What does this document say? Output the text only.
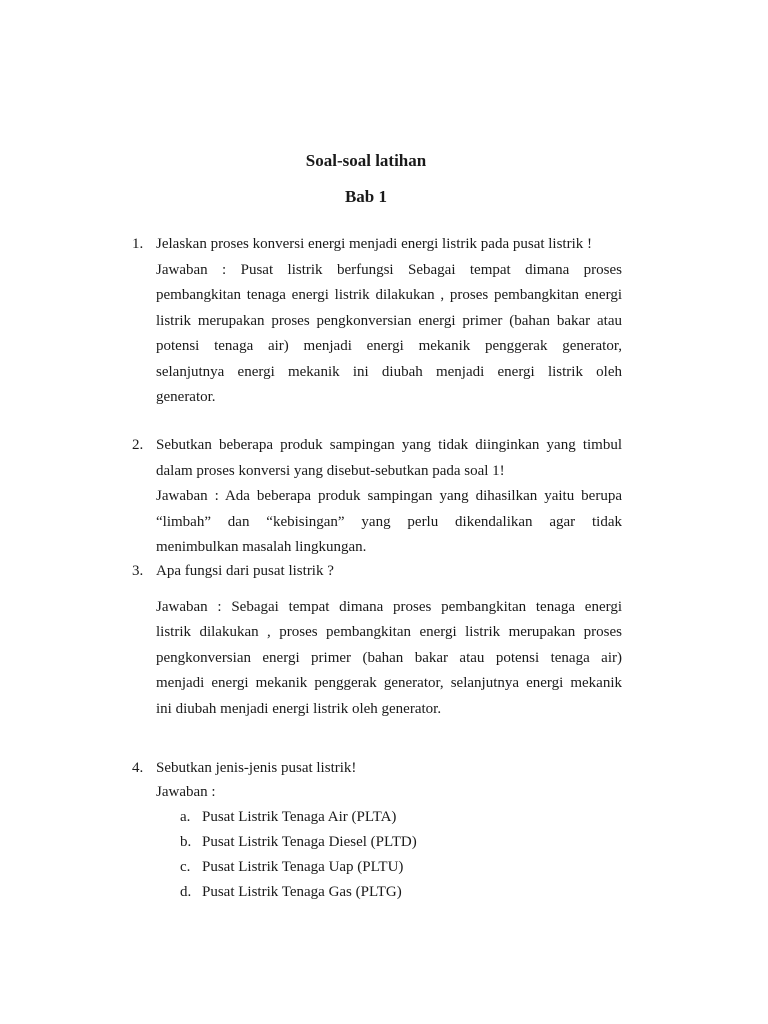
Soal-soal latihan
Bab 1
1. Jelaskan proses konversi energi menjadi energi listrik pada pusat listrik !
Jawaban : Pusat listrik berfungsi Sebagai tempat dimana proses
pembangkitan tenaga energi listrik dilakukan , proses pembangkitan energi
listrik merupakan proses pengkonversian energi primer (bahan bakar atau
potensi tenaga air) menjadi energi mekanik penggerak generator,
selanjutnya energi mekanik ini diubah menjadi energi listrik oleh
generator.
2. Sebutkan beberapa produk sampingan yang tidak diinginkan yang timbul
dalam proses konversi yang disebut-sebutkan pada soal 1!
Jawaban : Ada beberapa produk sampingan yang dihasilkan yaitu berupa
“limbah” dan “kebisingan” yang perlu dikendalikan agar tidak
menimbulkan masalah lingkungan.
3. Apa fungsi dari pusat listrik ?
Jawaban : Sebagai tempat dimana proses pembangkitan tenaga energi
listrik dilakukan , proses pembangkitan energi listrik merupakan proses
pengkonversian energi primer (bahan bakar atau potensi tenaga air)
menjadi energi mekanik penggerak generator, selanjutnya energi mekanik
ini diubah menjadi energi listrik oleh generator.
4. Sebutkan jenis-jenis pusat listrik!
Jawaban :
a. Pusat Listrik Tenaga Air (PLTA)
b. Pusat Listrik Tenaga Diesel (PLTD)
c. Pusat Listrik Tenaga Uap (PLTU)
d. Pusat Listrik Tenaga Gas (PLTG)
